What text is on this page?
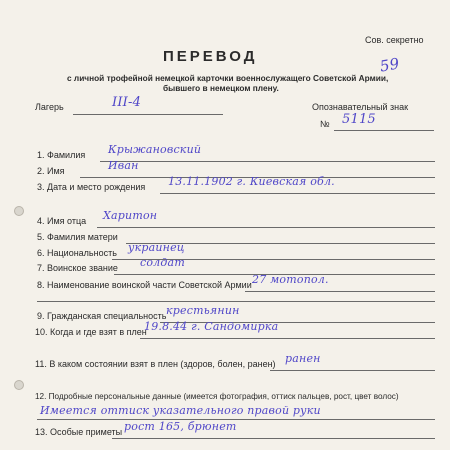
Сов. секретно
ПЕРЕВОД	59
с личной трофейной немецкой карточки военнослужащего Советской Армии,
бывшего в немецком плену.
Лагерь	III-4	Опознавательный знак
№ 5115
1. Фамилия Крыжановский
2. Имя	Иван
3. Дата и место рождения 13.11.1902 г. Киевская обл.
4. Имя отца Харитон
5. Фамилия матери
6. Национальность украинец
7. Воинское звание солдат
8. Наименование воинской части Советской Армии 27 мотопол.
9. Гражданская специальность крестьянин
10. Когда и где взят в плен
19.8.44 г. Сандомирка
11. В каком состоянии взят в плен (здоров, болен, ранен) ранен
12. Подробные персональные данные (имеется фотография, оттиск пальцев, рост, цвет волос)
Имеется оттиск указательного правой руки
13. Особые приметы рост 165, брюнет
